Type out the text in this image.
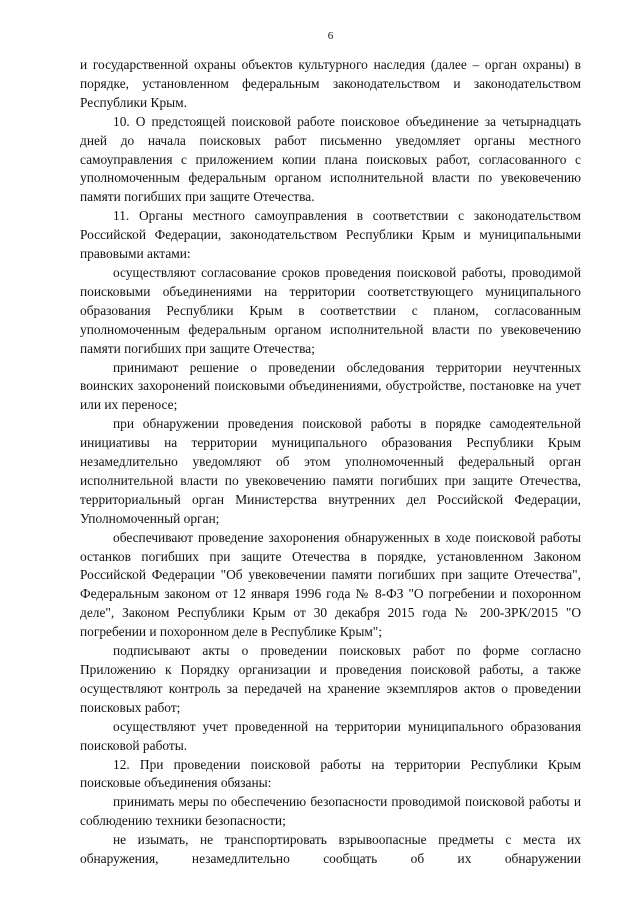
6

и государственной охраны объектов культурного наследия (далее – орган охраны) в порядке, установленном федеральным законодательством и законодательством Республики Крым.

10. О предстоящей поисковой работе поисковое объединение за четырнадцать дней до начала поисковых работ письменно уведомляет органы местного самоуправления с приложением копии плана поисковых работ, согласованного с уполномоченным федеральным органом исполнительной власти по увековечению памяти погибших при защите Отечества.

11. Органы местного самоуправления в соответствии с законодательством Российской Федерации, законодательством Республики Крым и муниципальными правовыми актами:

осуществляют согласование сроков проведения поисковой работы, проводимой поисковыми объединениями на территории соответствующего муниципального образования Республики Крым в соответствии с планом, согласованным уполномоченным федеральным органом исполнительной власти по увековечению памяти погибших при защите Отечества;

принимают решение о проведении обследования территории неучтенных воинских захоронений поисковыми объединениями, обустройстве, постановке на учет или их переносе;

при обнаружении проведения поисковой работы в порядке самодеятельной инициативы на территории муниципального образования Республики Крым незамедлительно уведомляют об этом уполномоченный федеральный орган исполнительной власти по увековечению памяти погибших при защите Отечества, территориальный орган Министерства внутренних дел Российской Федерации, Уполномоченный орган;

обеспечивают проведение захоронения обнаруженных в ходе поисковой работы останков погибших при защите Отечества в порядке, установленном Законом Российской Федерации "Об увековечении памяти погибших при защите Отечества", Федеральным законом от 12 января 1996 года № 8-ФЗ "О погребении и похоронном деле", Законом Республики Крым от 30 декабря 2015 года № 200-ЗРК/2015 "О погребении и похоронном деле в Республике Крым";

подписывают акты о проведении поисковых работ по форме согласно Приложению к Порядку организации и проведения поисковой работы, а также осуществляют контроль за передачей на хранение экземпляров актов о проведении поисковых работ;

осуществляют учет проведенной на территории муниципального образования поисковой работы.

12. При проведении поисковой работы на территории Республики Крым поисковые объединения обязаны:

принимать меры по обеспечению безопасности проводимой поисковой работы и соблюдению техники безопасности;

не изымать, не транспортировать взрывоопасные предметы с места их обнаружения, незамедлительно сообщать об их обнаружении
